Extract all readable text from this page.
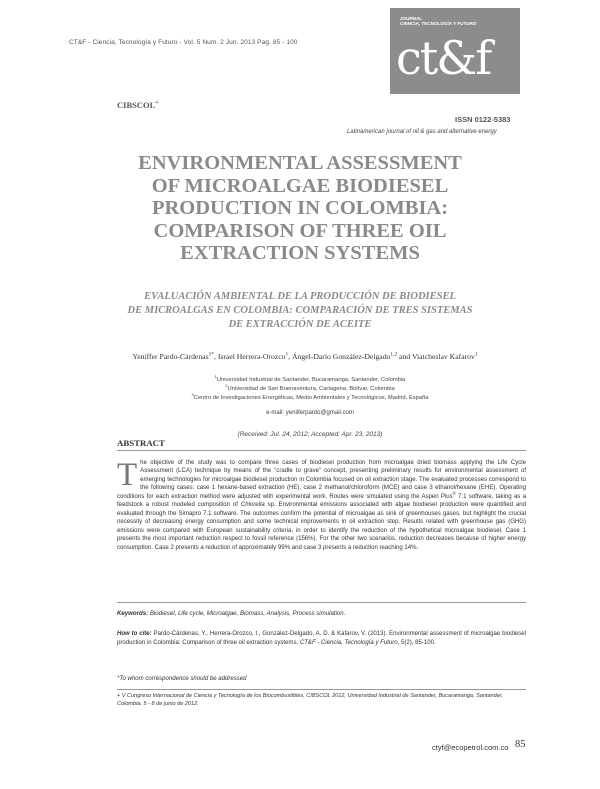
CT&F - Ciencia, Tecnología y Futuro - Vol. 5 Num. 2 Jun. 2013 Pag. 85 - 100
JOURNAL
CIENCIA, TECNOLOGÍA Y FUTURO
ct&f
ISSN 0122-5383
Latinamerican journal of oil & gas and alternative energy
CIBSCOL+
ENVIRONMENTAL ASSESSMENT
OF MICROALGAE BIODIESEL
PRODUCTION IN COLOMBIA:
COMPARISON OF THREE OIL
EXTRACTION SYSTEMS
EVALUACIÓN AMBIENTAL DE LA PRODUCCIÓN DE BIODIESEL
DE MICROALGAS EN COLOMBIA: COMPARACIÓN DE TRES SISTEMAS
DE EXTRACCIÓN DE ACEITE
Yeniffer Pardo-Cárdenas$^{1*}$, Israel Herrera-Orozco$^1$, Ángel-Darío González-Delgado$^{1,2}$ and Viatcheslav Kafarov$^1$
$^1$Universidad Industrial de Santander, Bucaramanga, Santander, Colombia
$^2$Universidad de San Buenaventura, Cartagena, Bolívar, Colombia
$^3$Centro de Investigaciones Energéticas, Medio Ambientales y Tecnológicos, Madrid, España
e-mail: yeniiferpardo@gmail.com
(Received: Jul. 24, 2012; Accepted: Apr. 23, 2013)
ABSTRACT
The objective of the study was to compare three cases of biodiesel production from microalgae dried biomass applying the Life Cycle Assessment (LCA) technique by means of the "cradle to grave" concept, presenting preliminary results for environmental assessment of emerging technologies for microalgae biodiesel production in Colombia focused on oil extraction stage. The evaluated processes correspond to the following cases: case 1 hexane-based extraction (HE), case 2 methanol/chloroform (MCE) and case 3 ethanol/hexane (EHE). Operating conditions for each extraction method were adjusted with experimental work. Routes were simulated using the Aspen Plus® 7.1 software, taking as a feedstock a robust modeled composition of Chlorella sp. Environmental emissions associated with algae biodiesel production were quantified and evaluated through the Simapro 7.1 software. The outcomes confirm the potential of microalgae as sink of greenhouses gases, but highlight the crucial necessity of decreasing energy consumption and some technical improvements in oil extraction step. Results related with greenhouse gas (GHG) emissions were compared with European sustainability criteria, in order to identify the reduction of the hypothetical microalgae biodiesel. Case 1 presents the most important reduction respect to fossil reference (156%). For the other two scenarios, reduction decreases because of higher energy consumption. Case 2 presents a reduction of approximately 99% and case 3 presents a reduction reaching 14%.
Keywords: Biodiesel, Life cycle, Microalgae, Biomass, Analysis, Process simulation.
How to cite: Pardo-Cárdenas, Y., Herrera-Orozco, I., González-Delgado, A. D. & Kafarov, V. (2013). Environmental assessment of microalgae biodiesel production in Colombia: Comparison of three oil extraction systems. CT&F - Ciencia, Tecnología y Futuro, 5(2), 85-100.
*To whom correspondence should be addressed
+ V Congreso Internacional de Ciencia y Tecnología de los Biocombustibles, CIBSCOL 2012, Universidad Industrial de Santander, Bucaramanga, Santander, Colombia. 5 - 8 de junio de 2012.
ctyf@ecopetrol.com.co 85
